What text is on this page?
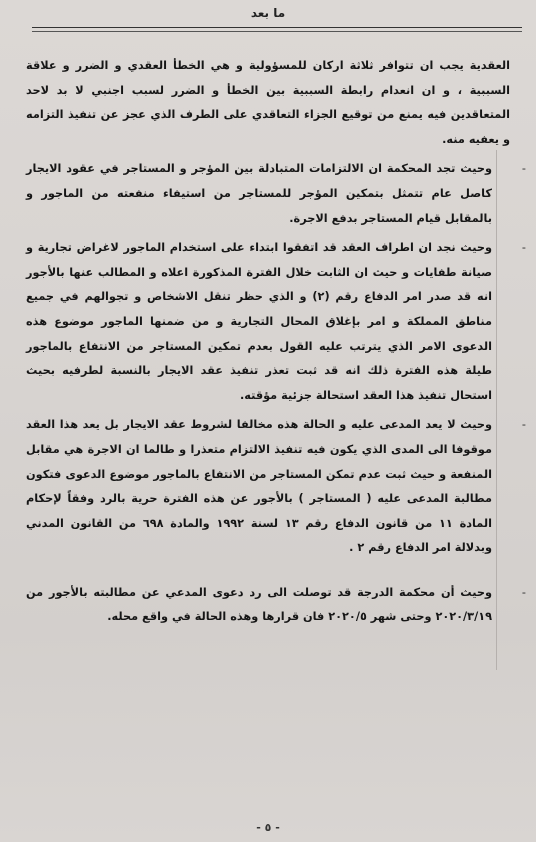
ما بعد

العقدية يجب ان تتوافر ثلاثة اركان للمسؤولية و هي الخطأ العقدي و الضرر و علاقة السببية ، و ان انعدام رابطة السببية بين الخطأ و الضرر لسبب اجنبي لا بد لاحد المتعاقدين فيه يمنع من توقيع الجزاء التعاقدي على الطرف الذي عجز عن تنفيذ التزامه و يعفيه منه.

-
وحيث تجد المحكمة ان الالتزامات المتبادلة بين المؤجر و المستاجر في عقود الايجار كاصل عام تتمثل بتمكين المؤجر للمستاجر من استيفاء منفعته من الماجور و بالمقابل قيام المستاجر بدفع الاجرة.

-
وحيث نجد ان اطراف العقد قد اتفقوا ابتداء على استخدام الماجور لاغراض تجارية و صيانة طفايات و حيث ان الثابت خلال الفترة المذكورة اعلاه و المطالب عنها بالأجور انه قد صدر امر الدفاع رقم (٢) و الذي حظر تنقل الاشخاص و تجوالهم في جميع مناطق المملكة و امر بإغلاق المحال التجارية و من ضمنها الماجور موضوع هذه الدعوى الامر الذي يترتب عليه القول بعدم تمكين المستاجر من الانتفاع بالماجور طيلة هذه الفترة ذلك انه قد ثبت تعذر تنفيذ عقد الايجار بالنسبة لطرفيه بحيث استحال تنفيذ هذا العقد استحالة جزئية مؤقته.

-
وحيث لا يعد المدعى عليه و الحالة هذه مخالفا لشروط عقد الايجار بل يعد هذا العقد موقوفا الى المدى الذي يكون فيه تنفيذ الالتزام متعذرا و طالما ان الاجرة هي مقابل المنفعة و حيث ثبت عدم تمكن المستاجر من الانتفاع بالماجور موضوع الدعوى فتكون مطالبة المدعى عليه ( المستاجر ) بالأجور عن هذه الفترة حرية بالرد وفقاً لإحكام المادة ١١ من قانون الدفاع رقم ١٣ لسنة ١٩٩٢ والمادة ٦٩٨ من القانون المدني وبدلالة امر الدفاع رقم ٢ .

-
وحيث أن محكمة الدرجة قد توصلت الى رد دعوى المدعي عن مطالبته بالأجور من ٢٠٢٠/٣/١٩ وحتى شهر ٢٠٢٠/٥ فان قرارها وهذه الحالة في واقع محله.

- ٥ -
